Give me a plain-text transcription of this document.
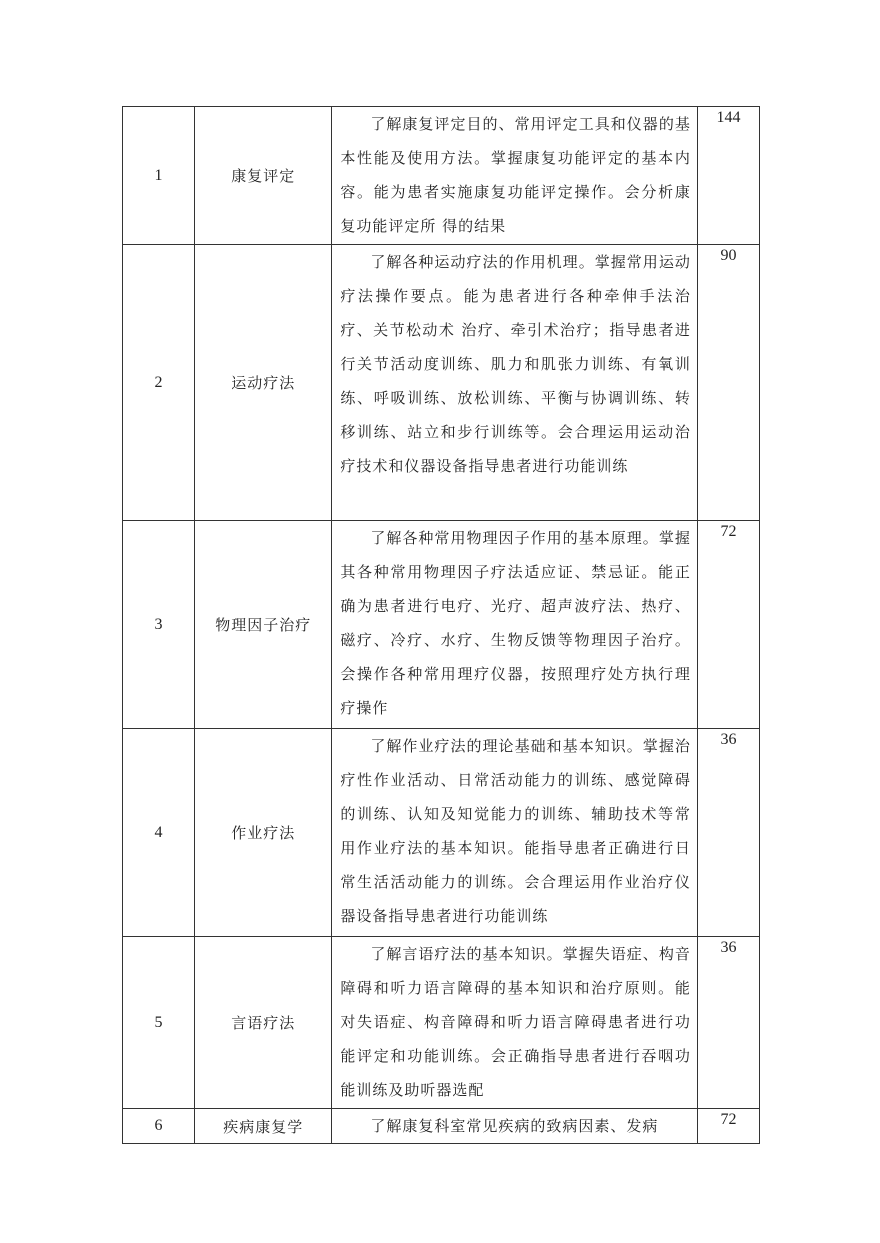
1	康复评定	了解康复评定目的、常用评定工具和仪器的基本性能及使用方法。掌握康复功能评定的基本内容。能为患者实施康复功能评定操作。会分析康复功能评定所 得的结果	144
2	运动疗法	了解各种运动疗法的作用机理。掌握常用运动疗法操作要点。能为患者进行各种牵伸手法治疗、关节松动术 治疗、牵引术治疗；指导患者进行关节活动度训练、肌力和肌张力训练、有氧训练、呼吸训练、放松训练、平衡与协调训练、转移训练、站立和步行训练等。会合理运用运动治疗技术和仪器设备指导患者进行功能训练	90
3	物理因子治疗	了解各种常用物理因子作用的基本原理。掌握其各种常用物理因子疗法适应证、禁忌证。能正确为患者进行电疗、光疗、超声波疗法、热疗、磁疗、冷疗、水疗、生物反馈等物理因子治疗。会操作各种常用理疗仪器，按照理疗处方执行理疗操作	72
4	作业疗法	了解作业疗法的理论基础和基本知识。掌握治疗性作业活动、日常活动能力的训练、感觉障碍的训练、认知及知觉能力的训练、辅助技术等常用作业疗法的基本知识。能指导患者正确进行日常生活活动能力的训练。会合理运用作业治疗仪器设备指导患者进行功能训练	36
5	言语疗法	了解言语疗法的基本知识。掌握失语症、构音障碍和听力语言障碍的基本知识和治疗原则。能对失语症、构音障碍和听力语言障碍患者进行功能评定和功能训练。会正确指导患者进行吞咽功能训练及助听器选配	36
6	疾病康复学	了解康复科室常见疾病的致病因素、发病	72
